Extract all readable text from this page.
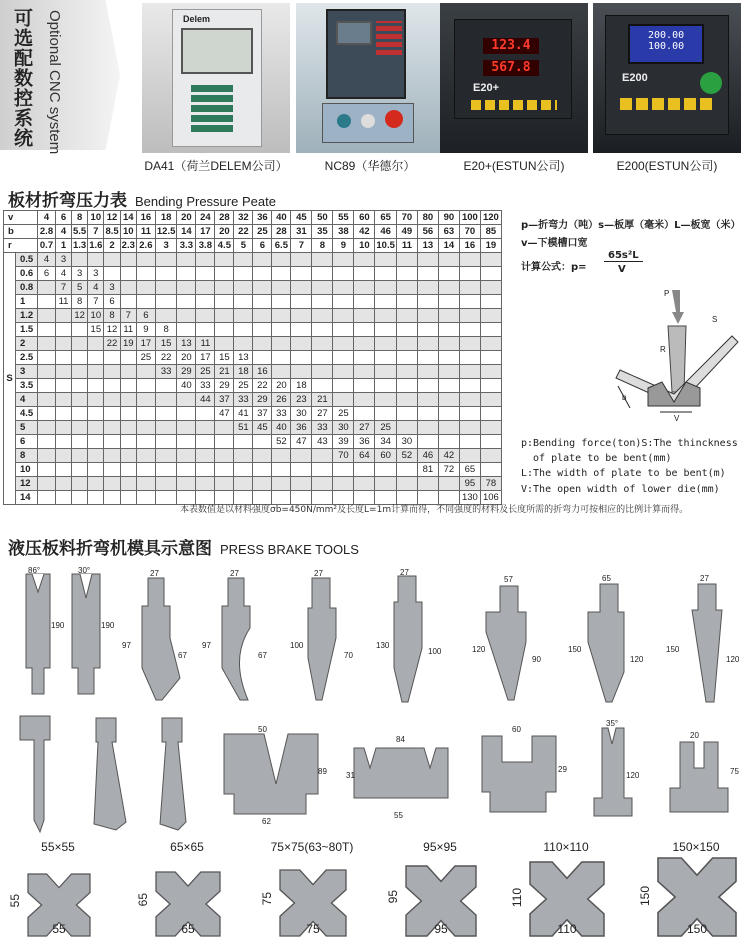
可选配数控系统 Optional CNC system	Delem
DA41（荷兰DELEM公司）	NC89（华德尔）
123.4
567.8
E20+
E20+(ESTUN公司)
200.00
100.00
E200
E200(ESTUN公司)
板材折弯压力表 Bending Pressure Peate
v		4	6	8	10	12	14	16	18	20	24	28	32	36	40	45	50	55	60	65	70	80	90	100	120
b		2.8	4	5.5	7	8.5	10	11	12.5	14	17	20	22	25	28	31	35	38	42	46	49	56	63	70	85
r		0.7	1	1.3	1.6	2	2.3	2.6	3	3.3	3.8	4.5	5	6	6.5	7	8	9	10	10.5	11	13	14	16	19
S	0.5	4	3																						
	0.6	6	4	3	3																				
	0.8		7	5	4	3																			
	1		11	8	7	6																			
	1.2			12	10	8	7	6																	
	1.5				15	12	11	9	8																
	2					22	19	17	15	13	11														
	2.5							25	22	20	17	15	13												
	3								33	29	25	21	18	16											
	3.5									40	33	29	25	22	20	18									
	4										44	37	33	29	26	23	21								
	4.5											47	41	37	33	30	27	25							
	5												51	45	40	36	33	30	27	25					
	6														52	47	43	39	36	34	30				
	8																	70	64	60	52	46	42		
	10																					81	72	65	
	12																							95	78
	14																							130	106
本表数值是以材料强度σb=450N/mm²及长度L=1m计算而得，不同强度的材料及长度所需的折弯力可按相应的比例计算而得。
p—折弯力（吨）s—板厚（毫米）L—板宽（米）
v—下模槽口宽
计算公式：p=
65s²L
V
P
S
R
b
V
p:Bending force(ton)S:The thinckness
of plate to be bent(mm)
L:The width of plate to be bent(m)
V:The open width of lower die(mm)
液压板料折弯机模具示意图 PRESS BRAKE TOOLS
86°
190
30°
190
27
97
67
27
97
67
27
100
70
27
130
100
57
120
90
65
150
120
27
150
120
50
62
89
84
55
31
60
29
35°
120
20
75
55×55
55
55
65×65
65
65
75×75(63~80T)
75
75
95×95
95
95
110×110
110
110
150×150
150
150
